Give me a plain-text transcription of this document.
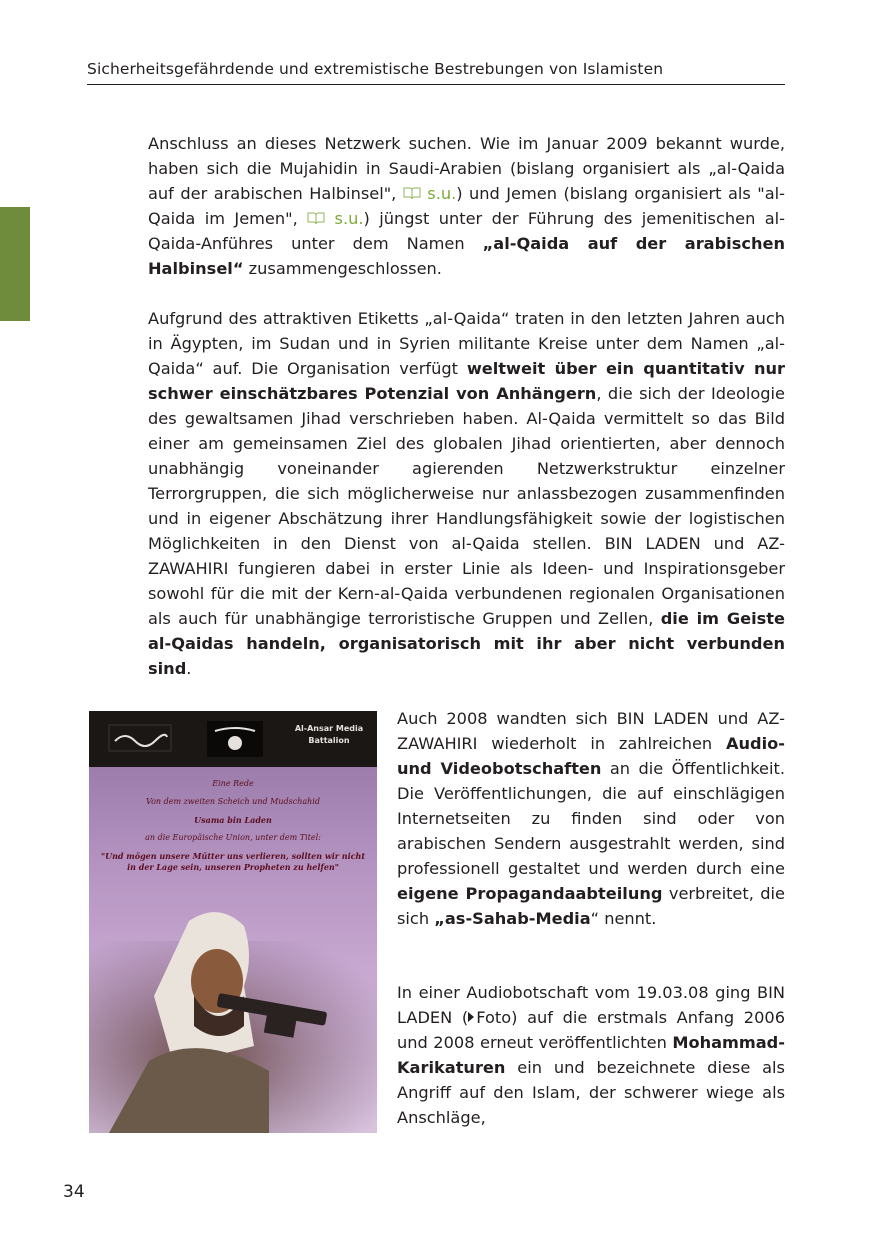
Sicherheitsgefährdende und extremistische Bestrebungen von Islamisten

Anschluss an dieses Netzwerk suchen. Wie im Januar 2009 bekannt wurde, haben sich die Mujahidin in Saudi-Arabien (bislang organisiert als „al-Qaida auf der arabischen Halbinsel",  s.u.) und Jemen (bislang organisiert als "al-Qaida im Jemen",  s.u.) jüngst unter der Führung des jemenitischen al-Qaida-Anführes unter dem Namen „al-Qaida auf der arabischen Halbinsel“ zusammengeschlossen.

Aufgrund des attraktiven Etiketts „al-Qaida“ traten in den letzten Jahren auch in Ägypten, im Sudan und in Syrien militante Kreise unter dem Namen „al-Qaida“ auf. Die Organisation verfügt weltweit über ein quantitativ nur schwer einschätzbares Potenzial von Anhängern, die sich der Ideologie des gewaltsamen Jihad verschrieben haben. Al-Qaida vermittelt so das Bild einer am gemeinsamen Ziel des globalen Jihad orientierten, aber dennoch unabhängig voneinander agierenden Netzwerkstruktur einzelner Terrorgruppen, die sich möglicherweise nur anlassbezogen zusammenfinden und in eigener Abschätzung ihrer Handlungsfähigkeit sowie der logistischen Möglichkeiten in den Dienst von al-Qaida stellen. BIN LADEN und AZ-ZAWAHIRI fungieren dabei in erster Linie als Ideen- und Inspirationsgeber sowohl für die mit der Kern-al-Qaida verbundenen regionalen Organisationen als auch für unabhängige terroristische Gruppen und Zellen, die im Geiste al-Qaidas handeln, organisatorisch mit ihr aber nicht verbunden sind.

Al-Ansar Media Battalion
Eine Rede
Von dem zweiten Scheich und Mudschahid
Usama bin Laden
an die Europäische Union, unter dem Titel:
"Und mögen unsere Mütter uns verlieren, sollten wir nicht in der Lage sein, unseren Propheten zu helfen"

Auch 2008 wandten sich BIN LADEN und AZ-ZAWAHIRI wiederholt in zahlreichen Audio- und Videobotschaften an die Öffentlichkeit. Die Veröffentlichungen, die auf einschlägigen Internetseiten zu finden sind oder von arabischen Sendern ausgestrahlt werden, sind professionell gestaltet und werden durch eine eigene Propagandaabteilung verbreitet, die sich „as-Sahab-Media“ nennt.

In einer Audiobotschaft vom 19.03.08 ging BIN LADEN ( Foto) auf die erstmals Anfang 2006 und 2008 erneut veröffentlichten Mohammad-Karikaturen ein und bezeichnete diese als Angriff auf den Islam, der schwerer wiege als Anschläge,

34
